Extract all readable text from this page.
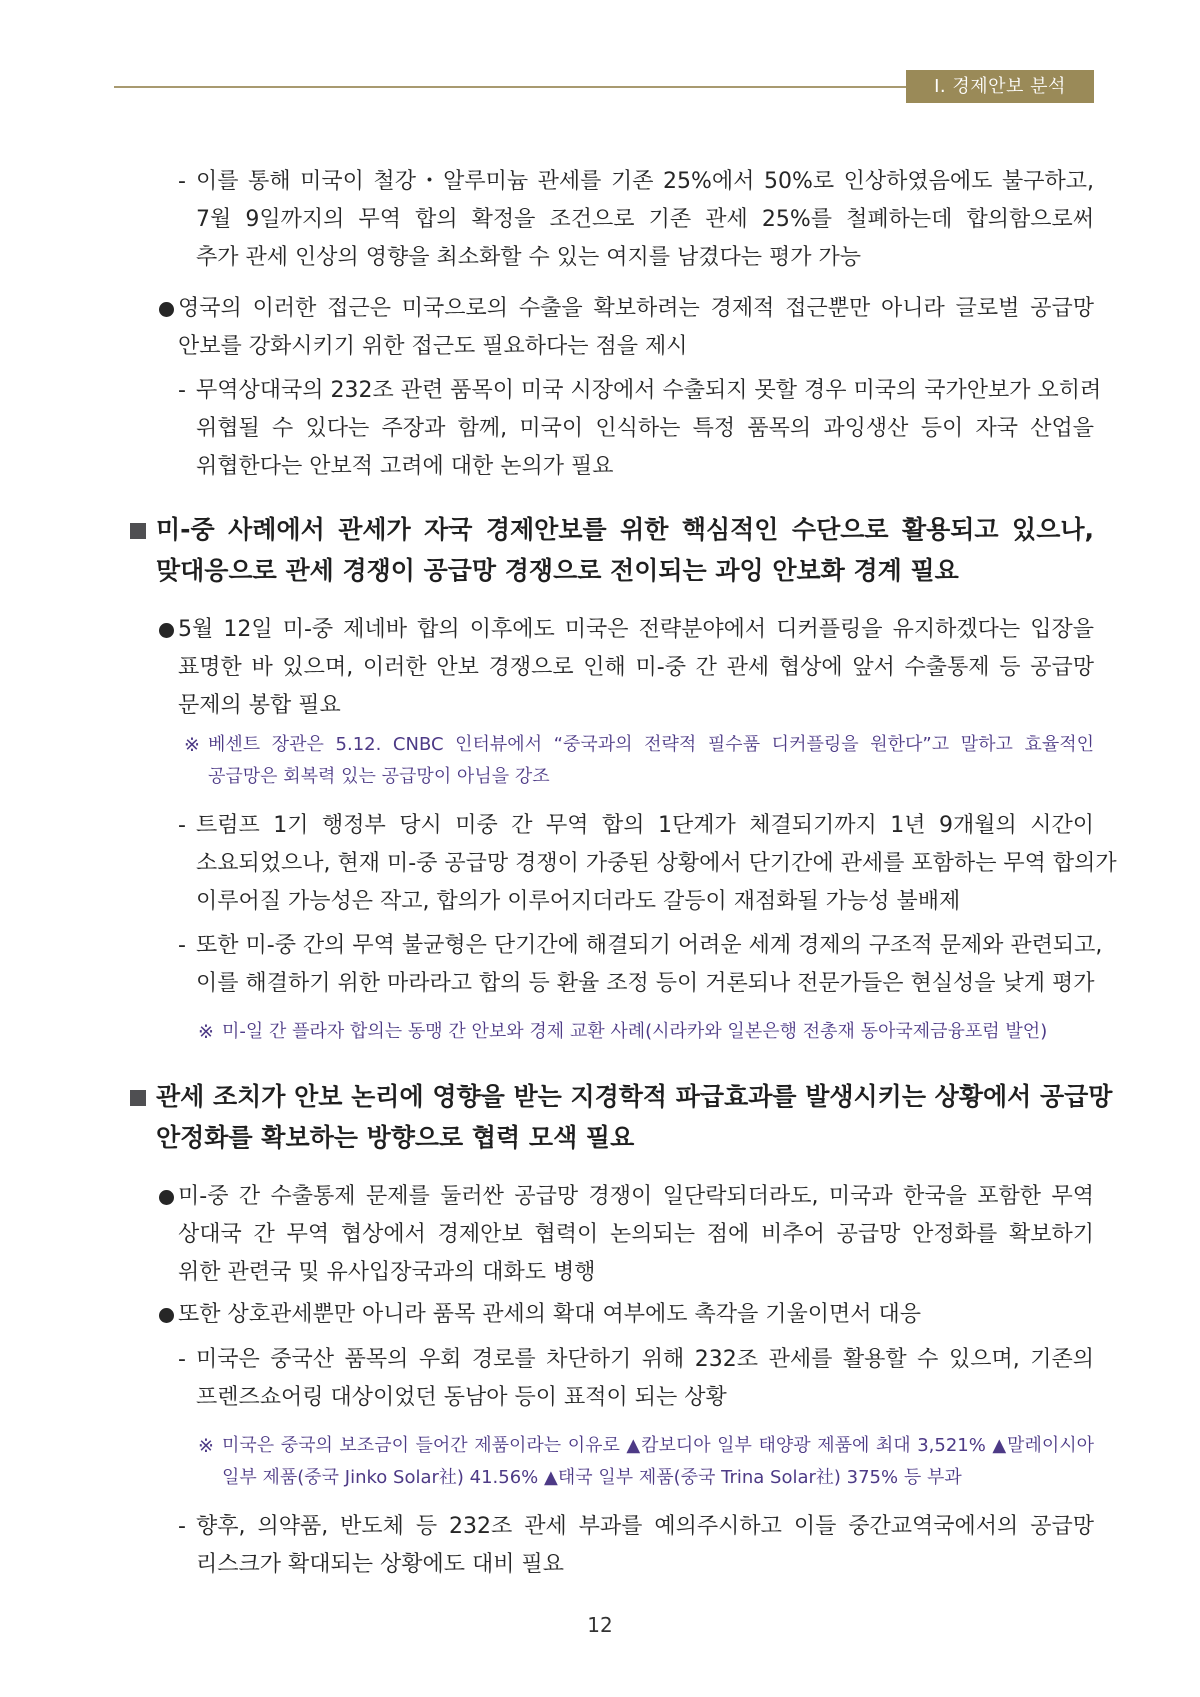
Ⅰ. 경제안보 분석
- 이를 통해 미국이 철강・알루미늄 관세를 기존 25%에서 50%로 인상하였음에도 불구하고,
7월 9일까지의 무역 합의 확정을 조건으로 기존 관세 25%를 철폐하는데 합의함으로써
추가 관세 인상의 영향을 최소화할 수 있는 여지를 남겼다는 평가 가능
영국의 이러한 접근은 미국으로의 수출을 확보하려는 경제적 접근뿐만 아니라 글로벌 공급망
안보를 강화시키기 위한 접근도 필요하다는 점을 제시
- 무역상대국의 232조 관련 품목이 미국 시장에서 수출되지 못할 경우 미국의 국가안보가 오히려
위협될 수 있다는 주장과 함께, 미국이 인식하는 특정 품목의 과잉생산 등이 자국 산업을
위협한다는 안보적 고려에 대한 논의가 필요
미-중 사례에서 관세가 자국 경제안보를 위한 핵심적인 수단으로 활용되고 있으나,
맞대응으로 관세 경쟁이 공급망 경쟁으로 전이되는 과잉 안보화 경계 필요
5월 12일 미-중 제네바 합의 이후에도 미국은 전략분야에서 디커플링을 유지하겠다는 입장을
표명한 바 있으며, 이러한 안보 경쟁으로 인해 미-중 간 관세 협상에 앞서 수출통제 등 공급망
문제의 봉합 필요
※ 베센트 장관은 5.12. CNBC 인터뷰에서 “중국과의 전략적 필수품 디커플링을 원한다”고 말하고 효율적인
공급망은 회복력 있는 공급망이 아님을 강조
- 트럼프 1기 행정부 당시 미중 간 무역 합의 1단계가 체결되기까지 1년 9개월의 시간이
소요되었으나, 현재 미-중 공급망 경쟁이 가중된 상황에서 단기간에 관세를 포함하는 무역 합의가
이루어질 가능성은 작고, 합의가 이루어지더라도 갈등이 재점화될 가능성 불배제
- 또한 미-중 간의 무역 불균형은 단기간에 해결되기 어려운 세계 경제의 구조적 문제와 관련되고,
이를 해결하기 위한 마라라고 합의 등 환율 조정 등이 거론되나 전문가들은 현실성을 낮게 평가
※ 미-일 간 플라자 합의는 동맹 간 안보와 경제 교환 사례(시라카와 일본은행 전총재 동아국제금융포럼 발언)
관세 조치가 안보 논리에 영향을 받는 지경학적 파급효과를 발생시키는 상황에서 공급망
안정화를 확보하는 방향으로 협력 모색 필요
미-중 간 수출통제 문제를 둘러싼 공급망 경쟁이 일단락되더라도, 미국과 한국을 포함한 무역
상대국 간 무역 협상에서 경제안보 협력이 논의되는 점에 비추어 공급망 안정화를 확보하기
위한 관련국 및 유사입장국과의 대화도 병행
또한 상호관세뿐만 아니라 품목 관세의 확대 여부에도 촉각을 기울이면서 대응
- 미국은 중국산 품목의 우회 경로를 차단하기 위해 232조 관세를 활용할 수 있으며, 기존의
프렌즈쇼어링 대상이었던 동남아 등이 표적이 되는 상황
※ 미국은 중국의 보조금이 들어간 제품이라는 이유로 ▲캄보디아 일부 태양광 제품에 최대 3,521% ▲말레이시아
일부 제품(중국 Jinko Solar社) 41.56% ▲태국 일부 제품(중국 Trina Solar社) 375% 등 부과
- 향후, 의약품, 반도체 등 232조 관세 부과를 예의주시하고 이들 중간교역국에서의 공급망
리스크가 확대되는 상황에도 대비 필요
12
